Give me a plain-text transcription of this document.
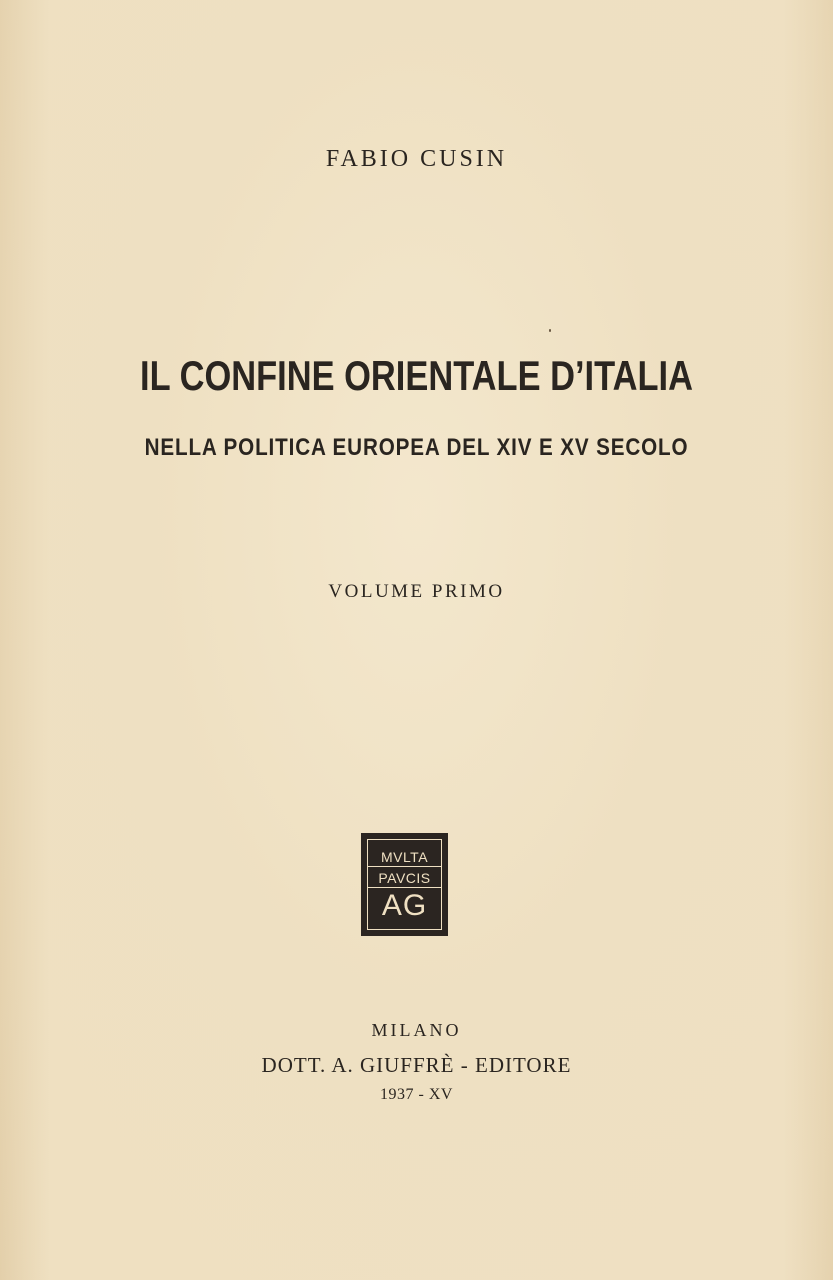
FABIO CUSIN
IL CONFINE ORIENTALE D’ITALIA
NELLA POLITICA EUROPEA DEL XIV E XV SECOLO
VOLUME PRIMO
MVLTA
PAVCIS
AG
MILANO
DOTT. A. GIUFFRÈ - EDITORE
1937 - XV
